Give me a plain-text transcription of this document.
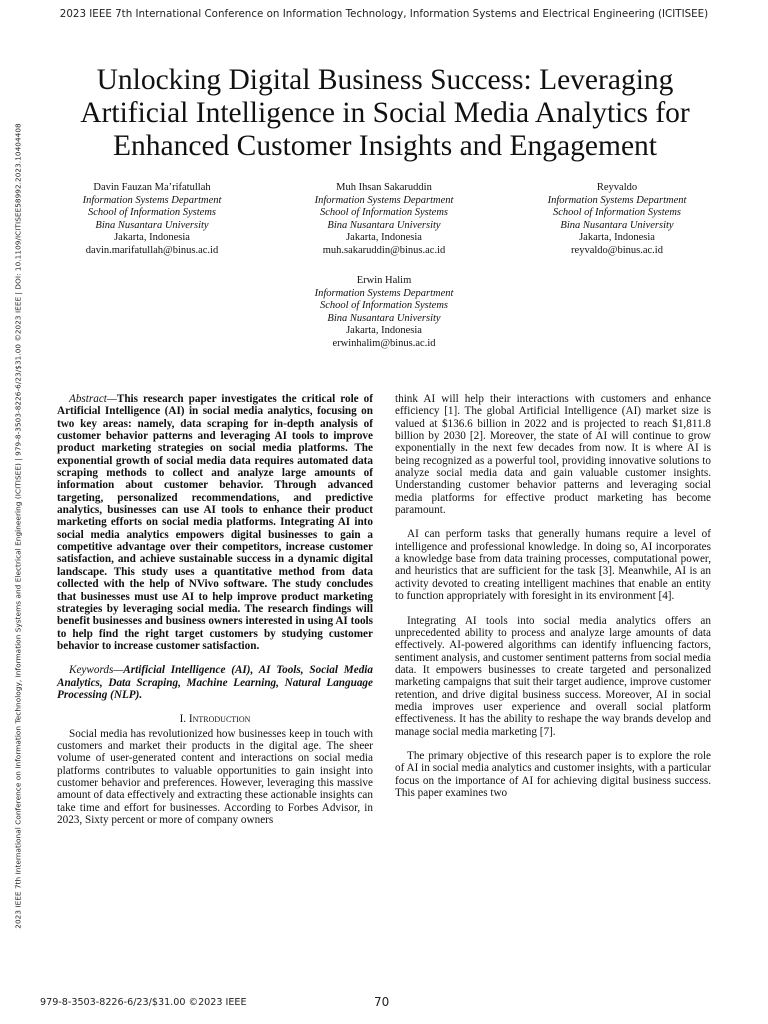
2023 IEEE 7th International Conference on Information Technology, Information Systems and Electrical Engineering (ICITISEE)
2023 IEEE 7th International Conference on Information Technology, Information Systems and Electrical Engineering (ICITISEE) | 979-8-3503-8226-6/23/$31.00 ©2023 IEEE | DOI: 10.1109/ICITISEE58992.2023.10404408
Unlocking Digital Business Success: Leveraging Artificial Intelligence in Social Media Analytics for Enhanced Customer Insights and Engagement
Davin Fauzan Ma’rifatullah
Information Systems Department
School of Information Systems
Bina Nusantara University
Jakarta, Indonesia
davin.marifatullah@binus.ac.id
Muh Ihsan Sakaruddin
Information Systems Department
School of Information Systems
Bina Nusantara University
Jakarta, Indonesia
muh.sakaruddin@binus.ac.id
Reyvaldo
Information Systems Department
School of Information Systems
Bina Nusantara University
Jakarta, Indonesia
reyvaldo@binus.ac.id
Erwin Halim
Information Systems Department
School of Information Systems
Bina Nusantara University
Jakarta, Indonesia
erwinhalim@binus.ac.id

Abstract—This research paper investigates the critical role of Artificial Intelligence (AI) in social media analytics, focusing on two key areas: namely, data scraping for in-depth analysis of customer behavior patterns and leveraging AI tools to improve product marketing strategies on social media platforms. The exponential growth of social media data requires automated data scraping methods to collect and analyze large amounts of information about customer behavior. Through advanced targeting, personalized recommendations, and predictive analytics, businesses can use AI tools to enhance their product marketing efforts on social media platforms. Integrating AI into social media analytics empowers digital businesses to gain a competitive advantage over their competitors, increase customer satisfaction, and achieve sustainable success in a dynamic digital landscape. This study uses a quantitative method from data collected with the help of NVivo software. The study concludes that businesses must use AI to help improve product marketing strategies by leveraging social media. The research findings will benefit businesses and business owners interested in using AI tools to help find the right target customers by studying customer behavior to increase customer satisfaction.

Keywords—Artificial Intelligence (AI), AI Tools, Social Media Analytics, Data Scraping, Machine Learning, Natural Language Processing (NLP).

I. Introduction

Social media has revolutionized how businesses keep in touch with customers and market their products in the digital age. The sheer volume of user-generated content and interactions on social media platforms contributes to valuable opportunities to gain insight into customer behavior and preferences. However, leveraging this massive amount of data effectively and extracting these actionable insights can take time and effort for businesses. According to Forbes Advisor, in 2023, Sixty percent or more of company owners

think AI will help their interactions with customers and enhance efficiency [1]. The global Artificial Intelligence (AI) market size is valued at $136.6 billion in 2022 and is projected to reach $1,811.8 billion by 2030 [2]. Moreover, the state of AI will continue to grow exponentially in the next few decades from now. It is where AI is being recognized as a powerful tool, providing innovative solutions to analyze social media data and gain valuable customer insights. Understanding customer behavior patterns and leveraging social media platforms for effective product marketing has become paramount.

AI can perform tasks that generally humans require a level of intelligence and professional knowledge. In doing so, AI incorporates a knowledge base from data training processes, computational power, and heuristics that are sufficient for the task [3]. Meanwhile, AI is an activity devoted to creating intelligent machines that enable an entity to function appropriately with foresight in its environment [4].

Integrating AI tools into social media analytics offers an unprecedented ability to process and analyze large amounts of data effectively. AI-powered algorithms can identify influencing factors, sentiment analysis, and customer sentiment patterns from social media data. It empowers businesses to create targeted and personalized marketing campaigns that suit their target audience, improve customer retention, and drive digital business success. Moreover, AI in social media improves user experience and overall social platform effectiveness. It has the ability to reshape the way brands develop and manage social media marketing [7].

The primary objective of this research paper is to explore the role of AI in social media analytics and customer insights, with a particular focus on the importance of AI for achieving digital business success. This paper examines two

979-8-3503-8226-6/23/$31.00 ©2023 IEEE	70
